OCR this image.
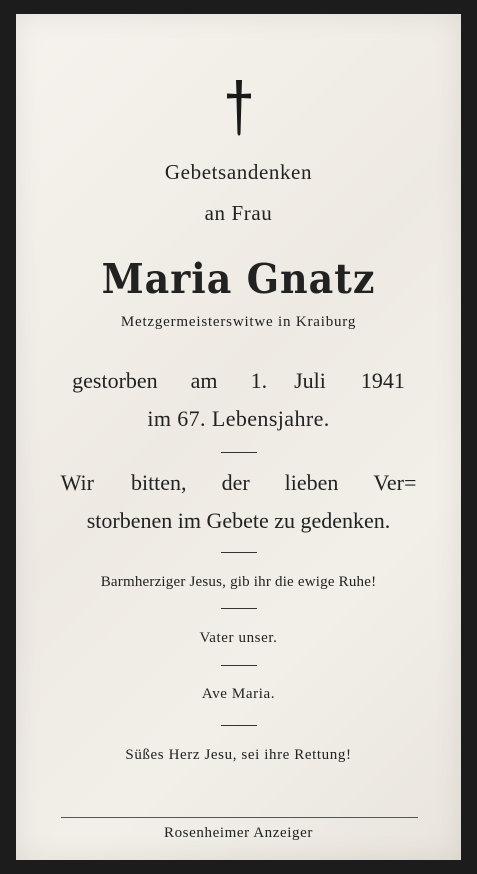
Gebetsandenken
an Frau
Maria Gnatz
Metzgermeisterswitwe in Kraiburg
gestorben am 1. Juli 1941
im 67. Lebensjahre.
Wir bitten, der lieben Ver=
storbenen im Gebete zu gedenken.
Barmherziger Jesus, gib ihr die ewige Ruhe!
Vater unser.
Ave Maria.
Süßes Herz Jesu, sei ihre Rettung!
Rosenheimer Anzeiger
